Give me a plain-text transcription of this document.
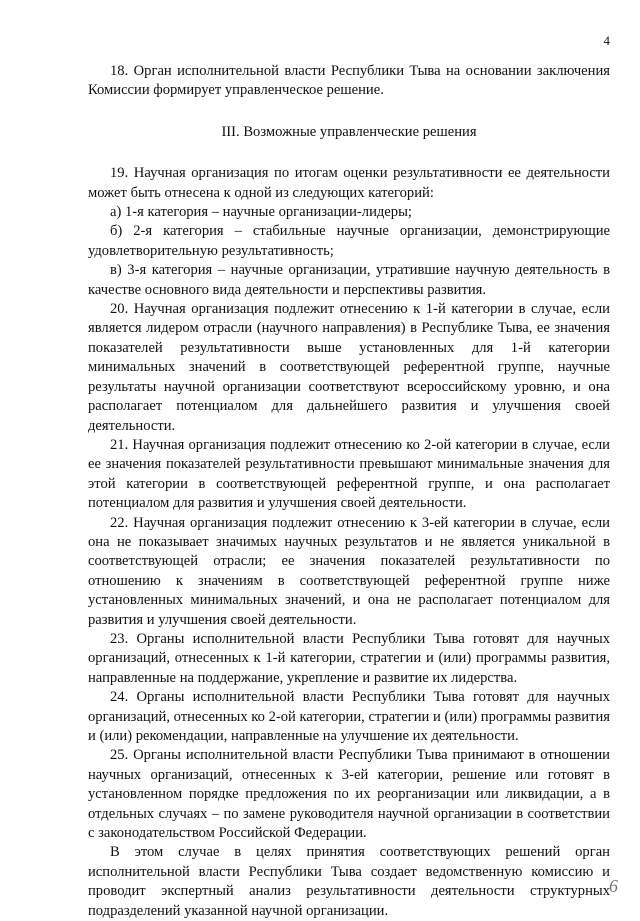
4

18. Орган исполнительной власти Республики Тыва на основании заключения Комиссии формирует управленческое решение.

III. Возможные управленческие решения

19. Научная организация по итогам оценки результативности ее деятельности может быть отнесена к одной из следующих категорий:

а) 1-я категория – научные организации-лидеры;

б) 2-я категория – стабильные научные организации, демонстрирующие удовлетворительную результативность;

в) 3-я категория – научные организации, утратившие научную деятельность в качестве основного вида деятельности и перспективы развития.

20. Научная организация подлежит отнесению к 1-й категории в случае, если является лидером отрасли (научного направления) в Республике Тыва, ее значения показателей результативности выше установленных для 1-й категории минимальных значений в соответствующей референтной группе, научные результаты научной организации соответствуют всероссийскому уровню, и она располагает потенциалом для дальнейшего развития и улучшения своей деятельности.

21. Научная организация подлежит отнесению ко 2-ой категории в случае, если ее значения показателей результативности превышают минимальные значения для этой категории в соответствующей референтной группе, и она располагает потенциалом для развития и улучшения своей деятельности.

22. Научная организация подлежит отнесению к 3-ей категории в случае, если она не показывает значимых научных результатов и не является уникальной в соответствующей отрасли; ее значения показателей результативности по отношению к значениям в соответствующей референтной группе ниже установленных минимальных значений, и она не располагает потенциалом для развития и улучшения своей деятельности.

23. Органы исполнительной власти Республики Тыва готовят для научных организаций, отнесенных к 1-й категории, стратегии и (или) программы развития, направленные на поддержание, укрепление и развитие их лидерства.

24. Органы исполнительной власти Республики Тыва готовят для научных организаций, отнесенных ко 2-ой категории, стратегии и (или) программы развития и (или) рекомендации, направленные на улучшение их деятельности.

25. Органы исполнительной власти Республики Тыва принимают в отношении научных организаций, отнесенных к 3-ей категории, решение или готовят в установленном порядке предложения по их реорганизации или ликвидации, а в отдельных случаях – по замене руководителя научной организации в соответствии с законодательством Российской Федерации.

В этом случае в целях принятия соответствующих решений орган исполнительной власти Республики Тыва создает ведомственную комиссию и проводит экспертный анализ результативности деятельности структурных подразделений указанной научной организации.

6
